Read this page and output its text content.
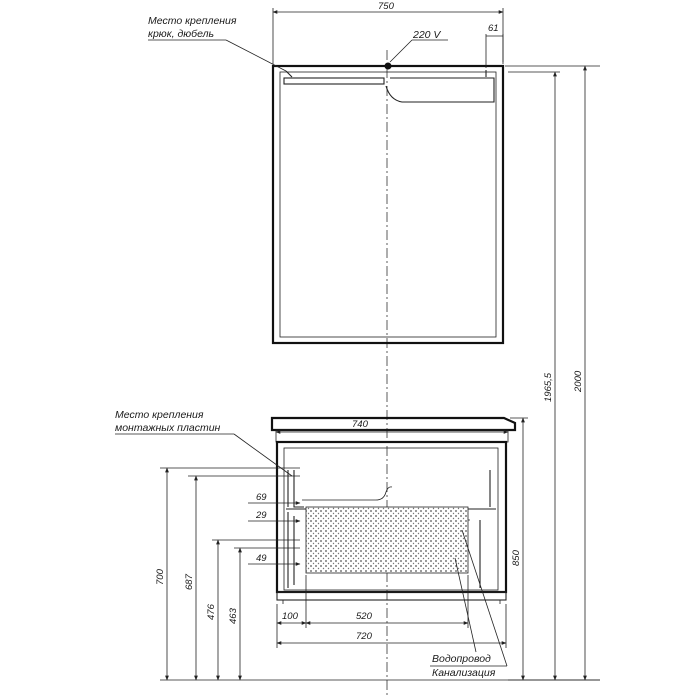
750
61
220 V
Место крепления
крюк, дюбель
740
Место крепления
монтажных пластин
2000
1965,5
850
700 687
476 463
69
29
49
100	520
720
Водопровод
Канализация
